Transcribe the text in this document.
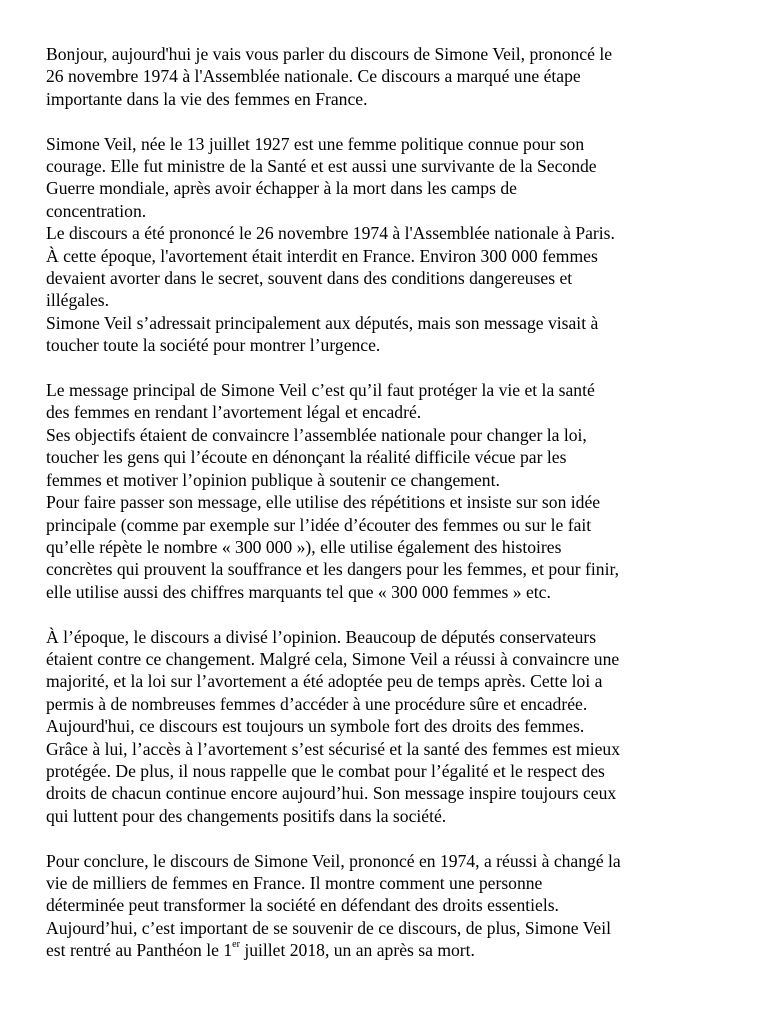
Bonjour, aujourd'hui je vais vous parler du discours de Simone Veil, prononcé le
26 novembre 1974 à l'Assemblée nationale. Ce discours a marqué une étape
importante dans la vie des femmes en France.

Simone Veil, née le 13 juillet 1927 est une femme politique connue pour son
courage. Elle fut ministre de la Santé et est aussi une survivante de la Seconde
Guerre mondiale, après avoir échapper à la mort dans les camps de
concentration.

Le discours a été prononcé le 26 novembre 1974 à l'Assemblée nationale à Paris.
À cette époque, l'avortement était interdit en France. Environ 300 000 femmes
devaient avorter dans le secret, souvent dans des conditions dangereuses et
illégales.

Simone Veil s’adressait principalement aux députés, mais son message visait à
toucher toute la société pour montrer l’urgence.

Le message principal de Simone Veil c’est qu’il faut protéger la vie et la santé
des femmes en rendant l’avortement légal et encadré.

Ses objectifs étaient de convaincre l’assemblée nationale pour changer la loi,
toucher les gens qui l’écoute en dénonçant la réalité difficile vécue par les
femmes et motiver l’opinion publique à soutenir ce changement.

Pour faire passer son message, elle utilise des répétitions et insiste sur son idée
principale (comme par exemple sur l’idée d’écouter des femmes ou sur le fait
qu’elle répète le nombre « 300 000 »), elle utilise également des histoires
concrètes qui prouvent la souffrance et les dangers pour les femmes, et pour finir,
elle utilise aussi des chiffres marquants tel que « 300 000 femmes » etc.

À l’époque, le discours a divisé l’opinion. Beaucoup de députés conservateurs
étaient contre ce changement. Malgré cela, Simone Veil a réussi à convaincre une
majorité, et la loi sur l’avortement a été adoptée peu de temps après. Cette loi a
permis à de nombreuses femmes d’accéder à une procédure sûre et encadrée.

Aujourd'hui, ce discours est toujours un symbole fort des droits des femmes.
Grâce à lui, l’accès à l’avortement s’est sécurisé et la santé des femmes est mieux
protégée. De plus, il nous rappelle que le combat pour l’égalité et le respect des
droits de chacun continue encore aujourd’hui. Son message inspire toujours ceux
qui luttent pour des changements positifs dans la société.

Pour conclure, le discours de Simone Veil, prononcé en 1974, a réussi à changé la
vie de milliers de femmes en France. Il montre comment une personne
déterminée peut transformer la société en défendant des droits essentiels.
Aujourd’hui, c’est important de se souvenir de ce discours, de plus, Simone Veil
est rentré au Panthéon le 1er juillet 2018, un an après sa mort.
